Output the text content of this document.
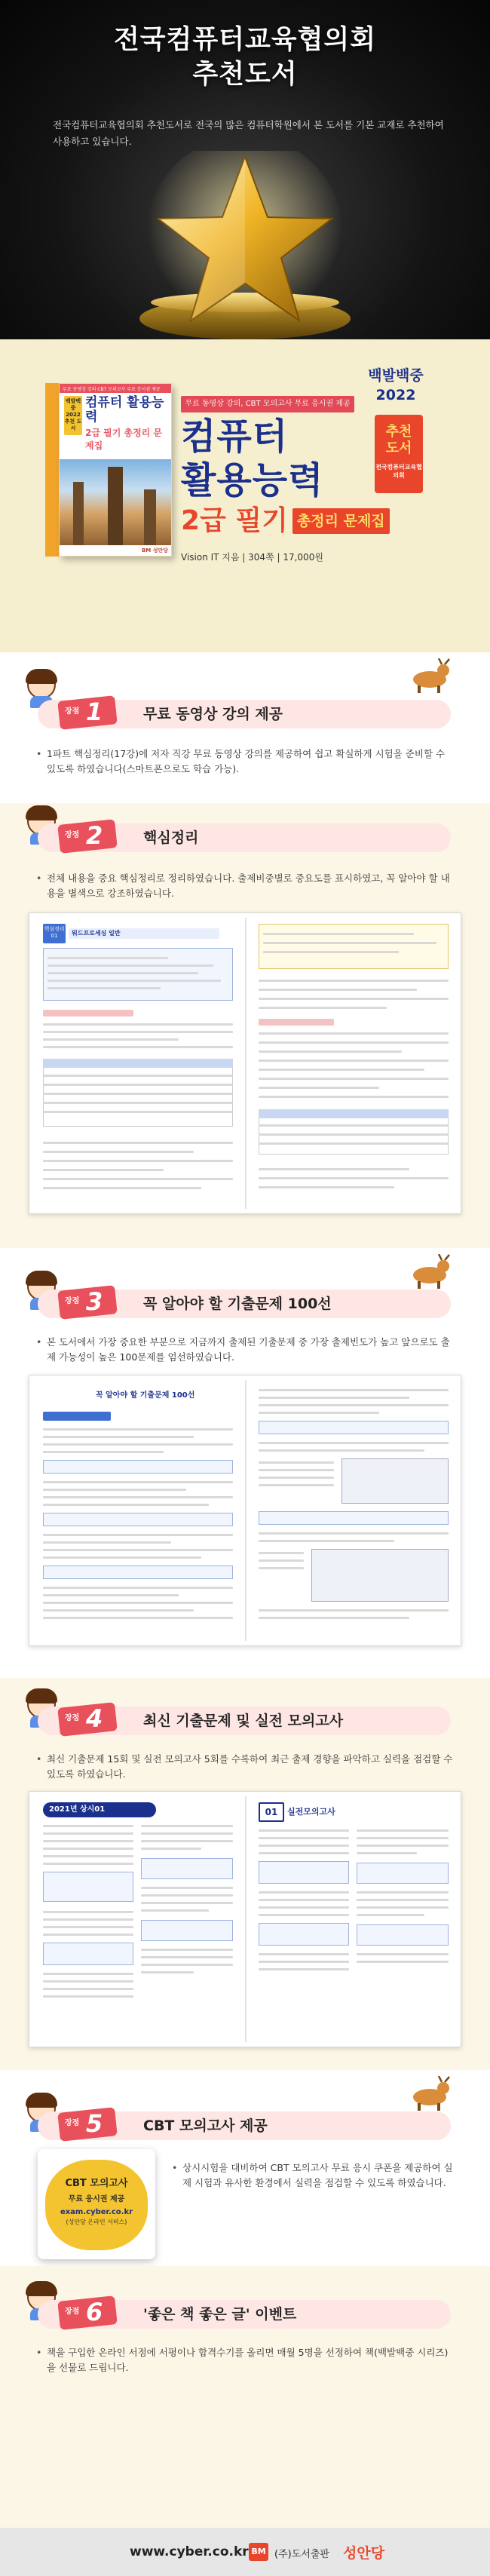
전국컴퓨터교육협의회
추천도서

전국컴퓨터교육협의회 추천도서로 전국의 많은 컴퓨터학원에서 본 도서를 기본 교재로 추천하여 사용하고 있습니다.

무료 동영상 강의 CBT 모의고사 무료 응시권 제공
백발백중 2022 추천 도서
컴퓨터 활용능력
2급 필기 총정리 문제집
BM 성안당
무료 동영상 강의, CBT 모의고사 무료 응시권 제공
컴퓨터
활용능력
2급 필기 총정리 문제집
백발백중
2022
추천
도서
전국컴퓨터교육협의회
Vision IT 지음 | 304쪽 | 17,000원
장점 1	무료 동영상 강의 제공

• 1파트 핵심정리(17강)에 저자 직강 무료 동영상 강의를 제공하여 쉽고 확실하게 시험을 준비할 수 있도록 하였습니다(스마트폰으로도 학습 가능).

장점 2	핵심정리

• 전체 내용을 중요 핵심정리로 정리하였습니다. 출제비중별로 중요도를 표시하였고, 꼭 알아야 할 내용을 별색으로 강조하였습니다.

핵심정리
01	워드프로세싱 일반
장점 3	꼭 알아야 할 기출문제 100선

• 본 도서에서 가장 중요한 부분으로 지금까지 출제된 기출문제 중 가장 출제빈도가 높고 앞으로도 출제 가능성이 높은 100문제를 엄선하였습니다.

꼭 알아야 할 기출문제 100선
장점 4	최신 기출문제 및 실전 모의고사

• 최신 기출문제 15회 및 실전 모의고사 5회를 수록하여 최근 출제 경향을 파악하고 실력을 점검할 수 있도록 하였습니다.

2021년 상시01	01	실전모의고사
장점 5	CBT 모의고사 제공
CBT 모의고사
무료 응시권 제공
exam.cyber.co.kr
(성안당 온라인 서비스)

• 상시시험을 대비하여 CBT 모의고사 무료 응시 쿠폰을 제공하여 실제 시험과 유사한 환경에서 실력을 점검할 수 있도록 하였습니다.

장점 6	'좋은 책 좋은 글' 이벤트

• 책을 구입한 온라인 서점에 서평이나 합격수기를 올리면 매월 5명을 선정하여 책(백발백중 시리즈)을 선물로 드립니다.

www.cyber.co.kr BM (주)도서출판 성안당
